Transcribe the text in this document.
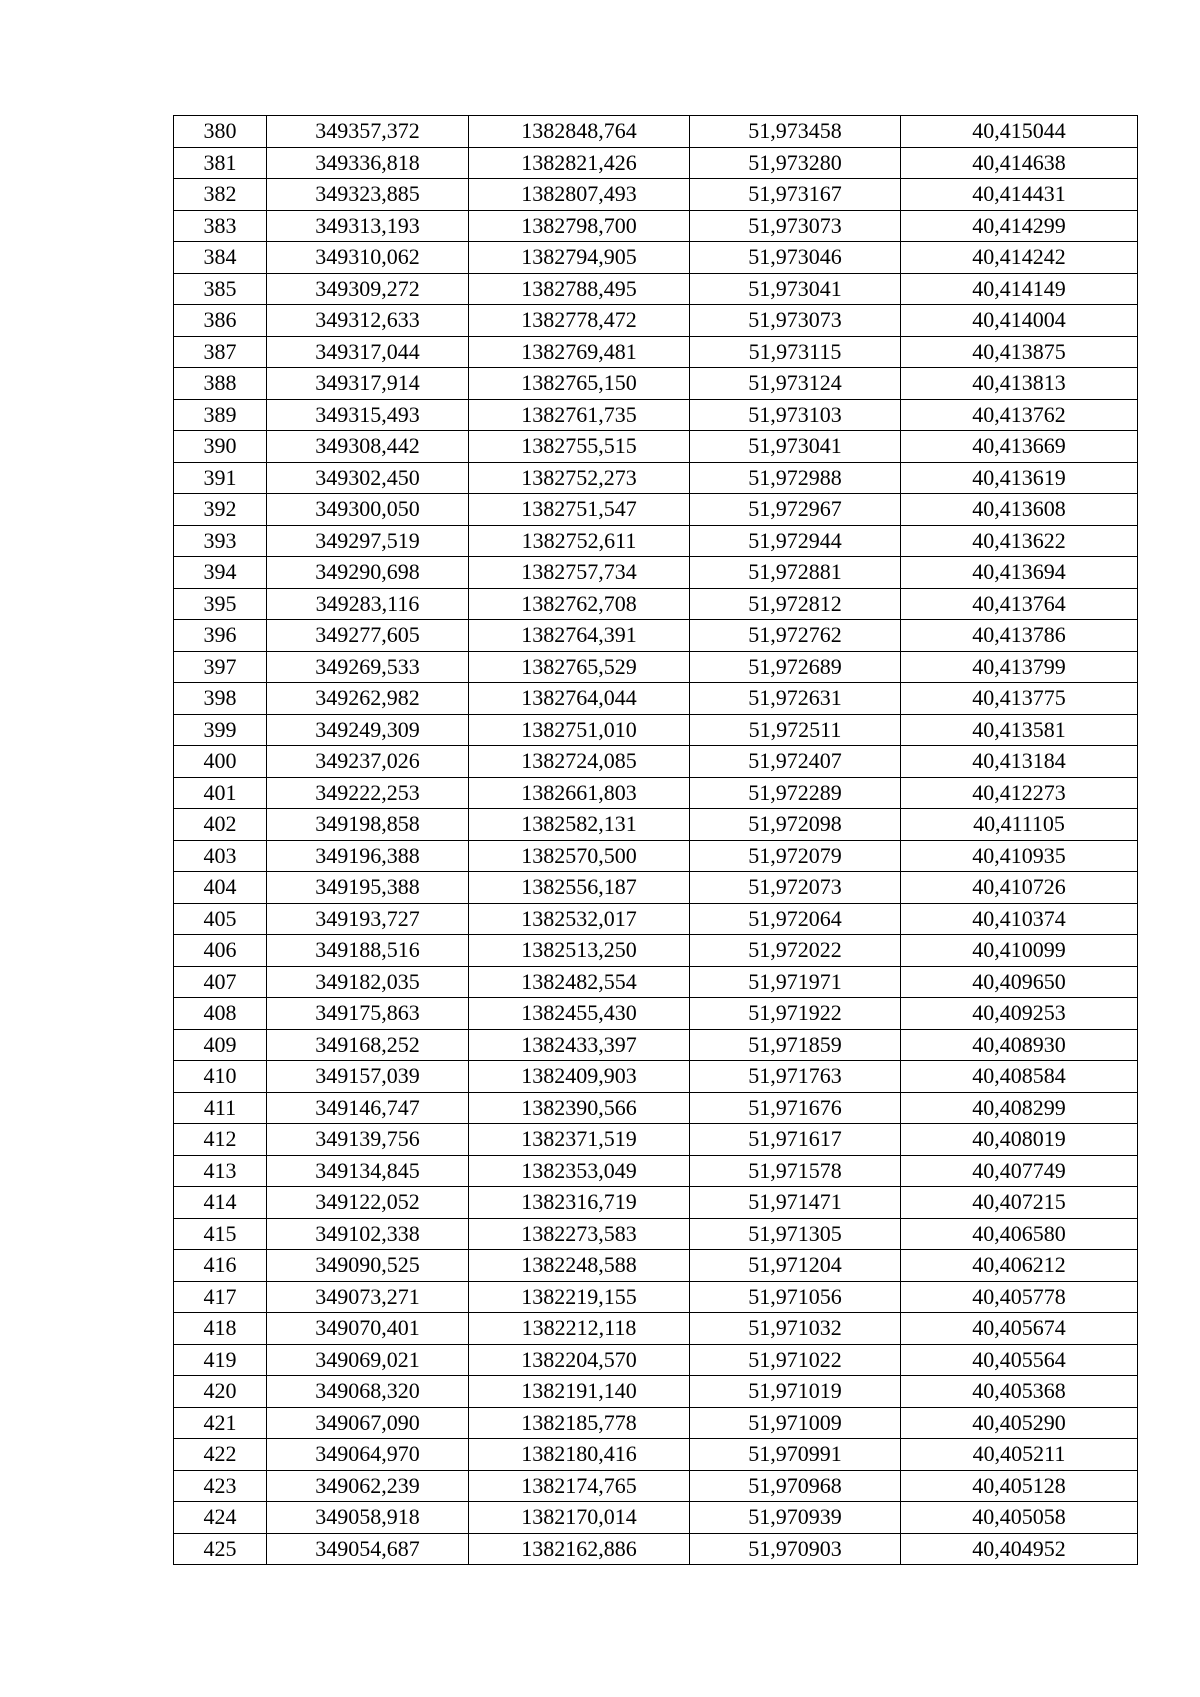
380	349357,372	1382848,764	51,973458	40,415044
381	349336,818	1382821,426	51,973280	40,414638
382	349323,885	1382807,493	51,973167	40,414431
383	349313,193	1382798,700	51,973073	40,414299
384	349310,062	1382794,905	51,973046	40,414242
385	349309,272	1382788,495	51,973041	40,414149
386	349312,633	1382778,472	51,973073	40,414004
387	349317,044	1382769,481	51,973115	40,413875
388	349317,914	1382765,150	51,973124	40,413813
389	349315,493	1382761,735	51,973103	40,413762
390	349308,442	1382755,515	51,973041	40,413669
391	349302,450	1382752,273	51,972988	40,413619
392	349300,050	1382751,547	51,972967	40,413608
393	349297,519	1382752,611	51,972944	40,413622
394	349290,698	1382757,734	51,972881	40,413694
395	349283,116	1382762,708	51,972812	40,413764
396	349277,605	1382764,391	51,972762	40,413786
397	349269,533	1382765,529	51,972689	40,413799
398	349262,982	1382764,044	51,972631	40,413775
399	349249,309	1382751,010	51,972511	40,413581
400	349237,026	1382724,085	51,972407	40,413184
401	349222,253	1382661,803	51,972289	40,412273
402	349198,858	1382582,131	51,972098	40,411105
403	349196,388	1382570,500	51,972079	40,410935
404	349195,388	1382556,187	51,972073	40,410726
405	349193,727	1382532,017	51,972064	40,410374
406	349188,516	1382513,250	51,972022	40,410099
407	349182,035	1382482,554	51,971971	40,409650
408	349175,863	1382455,430	51,971922	40,409253
409	349168,252	1382433,397	51,971859	40,408930
410	349157,039	1382409,903	51,971763	40,408584
411	349146,747	1382390,566	51,971676	40,408299
412	349139,756	1382371,519	51,971617	40,408019
413	349134,845	1382353,049	51,971578	40,407749
414	349122,052	1382316,719	51,971471	40,407215
415	349102,338	1382273,583	51,971305	40,406580
416	349090,525	1382248,588	51,971204	40,406212
417	349073,271	1382219,155	51,971056	40,405778
418	349070,401	1382212,118	51,971032	40,405674
419	349069,021	1382204,570	51,971022	40,405564
420	349068,320	1382191,140	51,971019	40,405368
421	349067,090	1382185,778	51,971009	40,405290
422	349064,970	1382180,416	51,970991	40,405211
423	349062,239	1382174,765	51,970968	40,405128
424	349058,918	1382170,014	51,970939	40,405058
425	349054,687	1382162,886	51,970903	40,404952
